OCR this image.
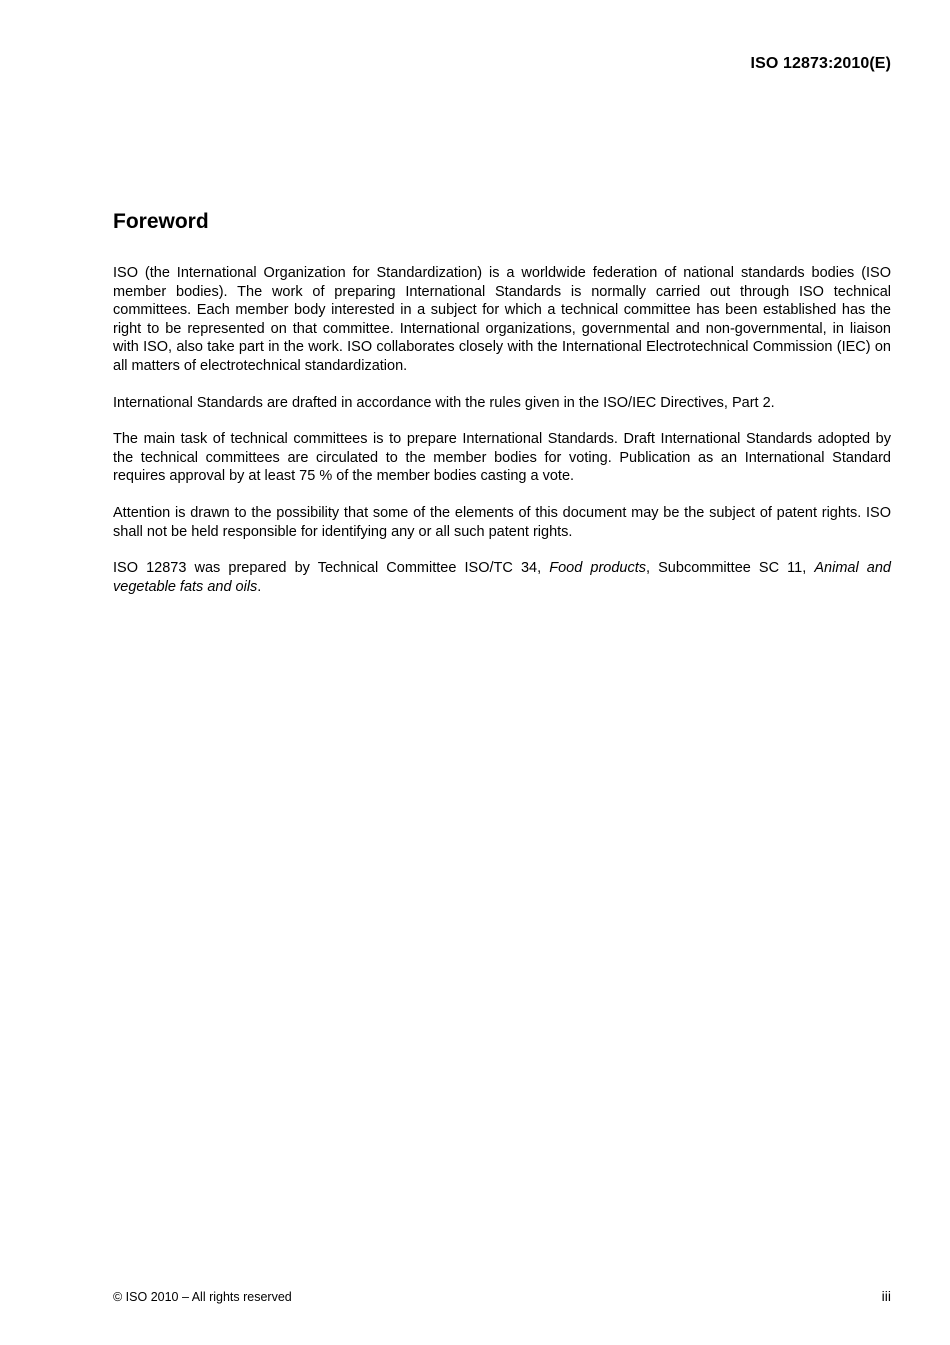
ISO 12873:2010(E)
Foreword

ISO (the International Organization for Standardization) is a worldwide federation of national standards bodies (ISO member bodies). The work of preparing International Standards is normally carried out through ISO technical committees. Each member body interested in a subject for which a technical committee has been established has the right to be represented on that committee. International organizations, governmental and non-governmental, in liaison with ISO, also take part in the work. ISO collaborates closely with the International Electrotechnical Commission (IEC) on all matters of electrotechnical standardization.

International Standards are drafted in accordance with the rules given in the ISO/IEC Directives, Part 2.

The main task of technical committees is to prepare International Standards. Draft International Standards adopted by the technical committees are circulated to the member bodies for voting. Publication as an International Standard requires approval by at least 75 % of the member bodies casting a vote.

Attention is drawn to the possibility that some of the elements of this document may be the subject of patent rights. ISO shall not be held responsible for identifying any or all such patent rights.

ISO 12873 was prepared by Technical Committee ISO/TC 34, Food products, Subcommittee SC 11, Animal and vegetable fats and oils.

© ISO 2010 – All rights reserved	iii
